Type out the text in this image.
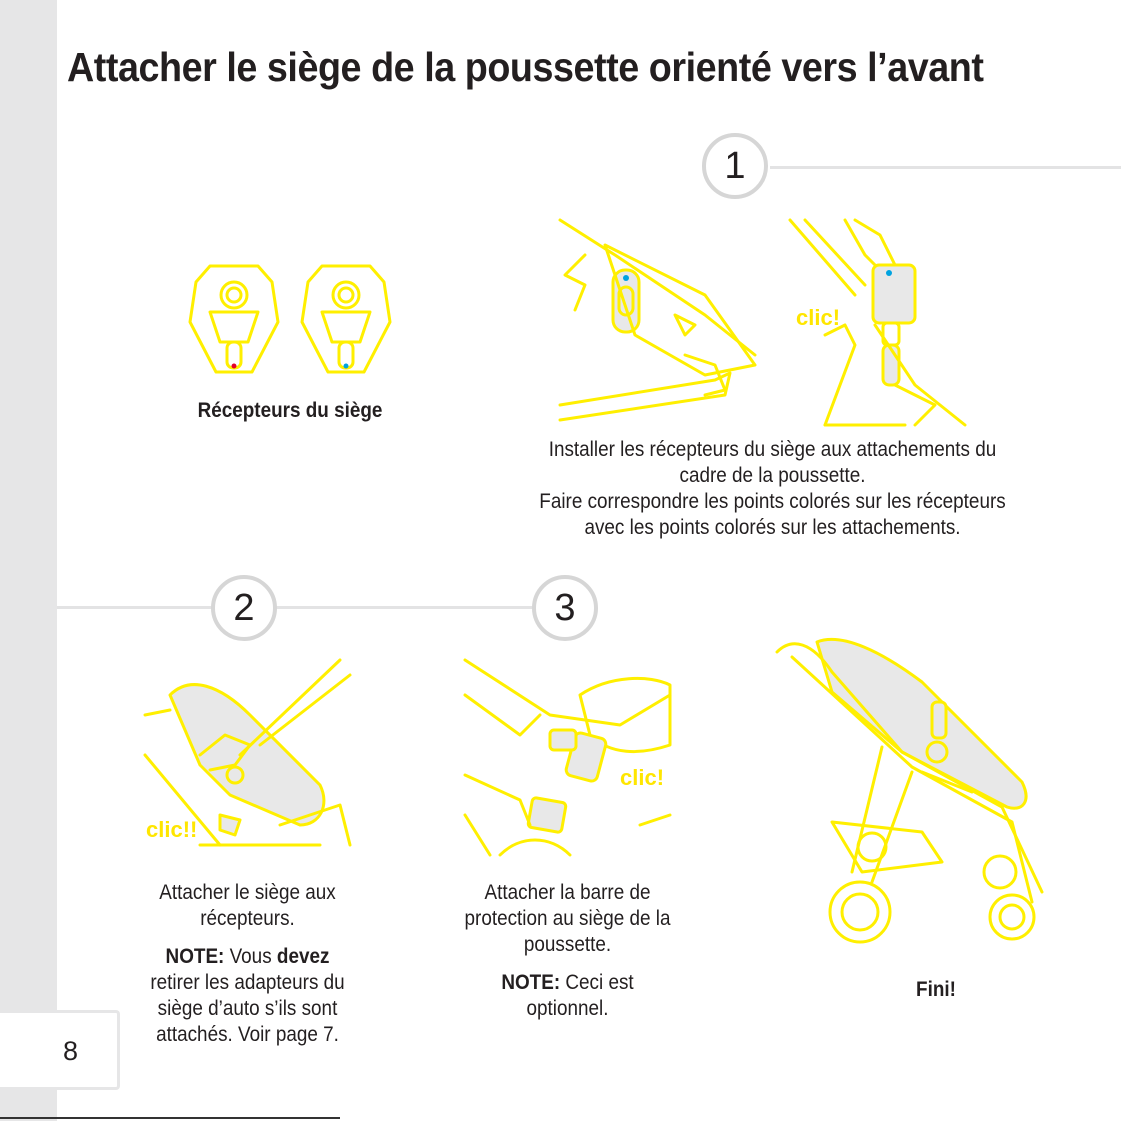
8
Attacher le siège de la poussette orienté vers l’avant
1
2	3
Récepteurs du siège
clic!
Installer les récepteurs du siège aux attachements du
cadre de la poussette.
Faire correspondre les points colorés sur les récepteurs
avec les points colorés sur les attachements.
clic!!
Attacher le siège aux
récepteurs.
NOTE: Vous devez
retirer les adapteurs du
siège d’auto s’ils sont
attachés. Voir page 7.
clic!
Attacher la barre de
protection au siège de la
poussette.
NOTE: Ceci est
optionnel.
Fini!
